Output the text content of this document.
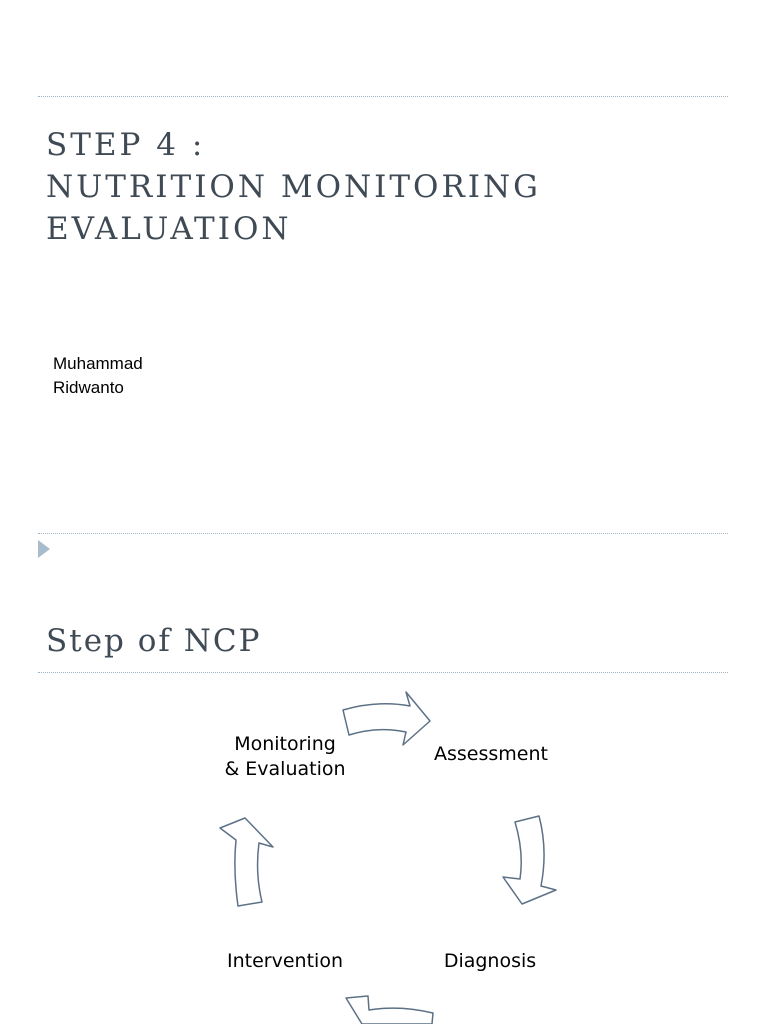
STEP 4 :
NUTRITION MONITORING EVALUATION
Muhammad
Ridwanto
Step of NCP
Monitoring
& Evaluation
Assessment
Diagnosis
Intervention
